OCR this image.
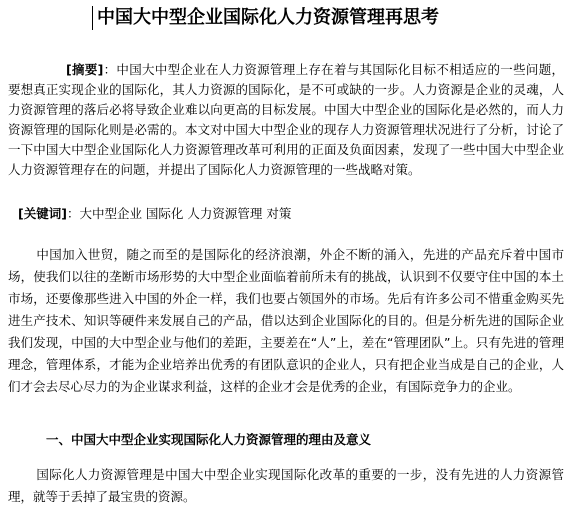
中国大中型企业国际化人力资源管理再思考

[摘要]：中国大中型企业在人力资源管理上存在着与其国际化目标不相适应的一些问题，要想真正实现企业的国际化，其人力资源的国际化，是不可或缺的一步。人力资源是企业的灵魂，人力资源管理的落后必将导致企业难以向更高的目标发展。中国大中型企业的国际化是必然的，而人力资源管理的国际化则是必需的。本文对中国大中型企业的现存人力资源管理状况进行了分析，讨论了一下中国大中型企业国际化人力资源管理改革可利用的正面及负面因素，发现了一些中国大中型企业人力资源管理存在的问题，并提出了国际化人力资源管理的一些战略对策。

[关键词]：大中型企业 国际化 人力资源管理 对策

中国加入世贸，随之而至的是国际化的经济浪潮，外企不断的涌入，先进的产品充斥着中国市场，使我们以往的垄断市场形势的大中型企业面临着前所未有的挑战，认识到不仅要守住中国的本土市场，还要像那些进入中国的外企一样，我们也要占领国外的市场。先后有许多公司不惜重金购买先进生产技术、知识等硬件来发展自己的产品，借以达到企业国际化的目的。但是分析先进的国际企业我们发现，中国的大中型企业与他们的差距，主要差在“人”上，差在“管理团队”上。只有先进的管理理念，管理体系，才能为企业培养出优秀的有团队意识的企业人，只有把企业当成是自己的企业，人们才会去尽心尽力的为企业谋求利益，这样的企业才会是优秀的企业，有国际竞争力的企业。

一、中国大中型企业实现国际化人力资源管理的理由及意义

国际化人力资源管理是中国大中型企业实现国际化改革的重要的一步，没有先进的人力资源管理，就等于丢掉了最宝贵的资源。
